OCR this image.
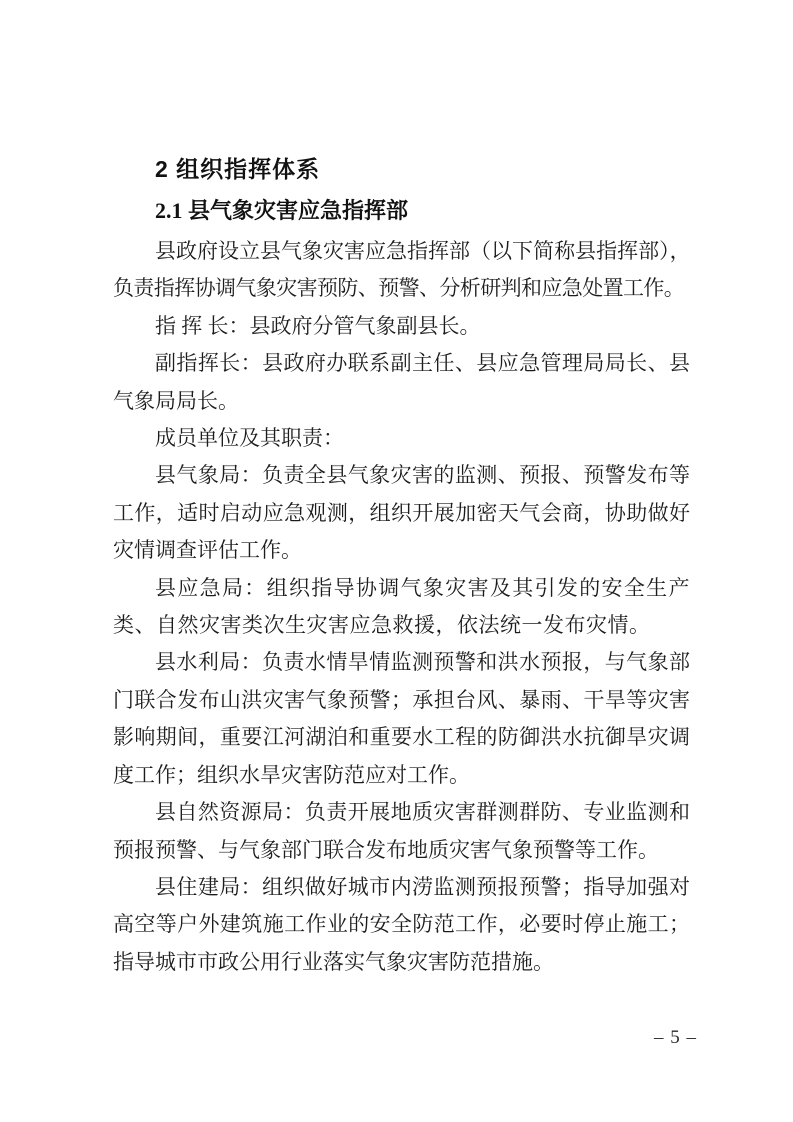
2 组织指挥体系
2.1 县气象灾害应急指挥部

县政府设立县气象灾害应急指挥部（以下简称县指挥部），负责指挥协调气象灾害预防、预警、分析研判和应急处置工作。

指 挥 长：县政府分管气象副县长。

副指挥长：县政府办联系副主任、县应急管理局局长、县气象局局长。

成员单位及其职责：

县气象局：负责全县气象灾害的监测、预报、预警发布等工作，适时启动应急观测，组织开展加密天气会商，协助做好灾情调查评估工作。

县应急局：组织指导协调气象灾害及其引发的安全生产类、自然灾害类次生灾害应急救援，依法统一发布灾情。

县水利局：负责水情旱情监测预警和洪水预报，与气象部门联合发布山洪灾害气象预警；承担台风、暴雨、干旱等灾害影响期间，重要江河湖泊和重要水工程的防御洪水抗御旱灾调度工作；组织水旱灾害防范应对工作。

县自然资源局：负责开展地质灾害群测群防、专业监测和预报预警、与气象部门联合发布地质灾害气象预警等工作。

县住建局：组织做好城市内涝监测预报预警；指导加强对高空等户外建筑施工作业的安全防范工作，必要时停止施工；指导城市市政公用行业落实气象灾害防范措施。

– 5 –
